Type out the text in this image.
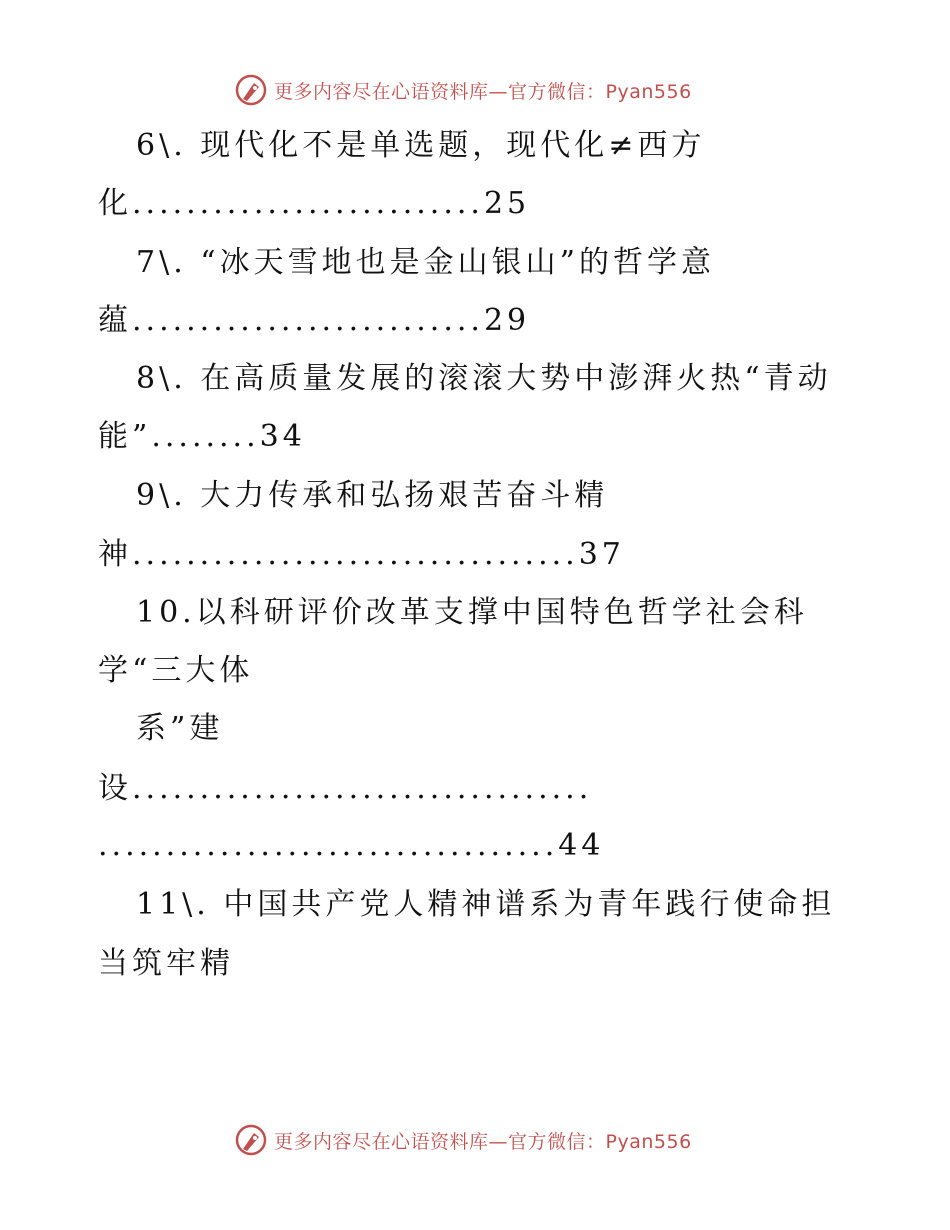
更多内容尽在心语资料库—官方微信：Pyan556
6\. 现代化不是单选题，现代化≠西方
化..........................25
7\. “冰天雪地也是金山银山”的哲学意
蕴..........................29
8\. 在高质量发展的滚滚大势中澎湃火热“青动
能”........34
9\. 大力传承和弘扬艰苦奋斗精
神.................................37
10.以科研评价改革支撑中国特色哲学社会科
学“三大体
系”建
设..................................
..................................44
11\. 中国共产党人精神谱系为青年践行使命担
当筑牢精
更多内容尽在心语资料库—官方微信：Pyan556
